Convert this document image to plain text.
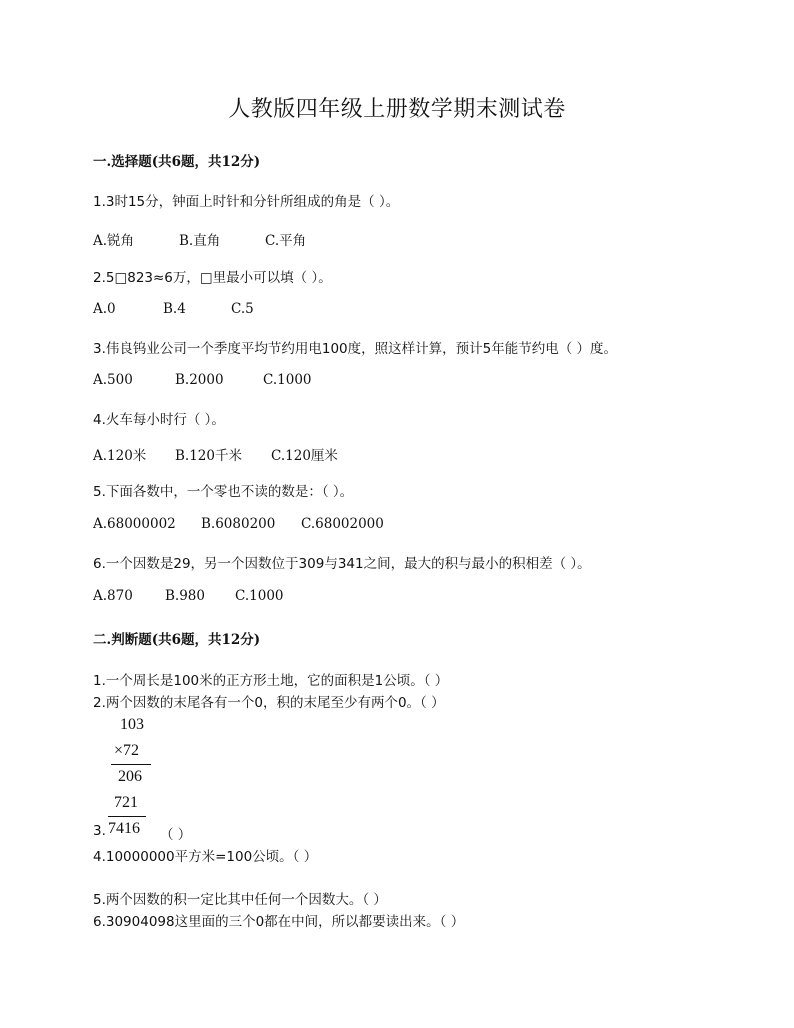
人教版四年级上册数学期末测试卷
一.选择题(共6题，共12分)
1.3时15分，钟面上时针和分针所组成的角是（ ）。
A.锐角	B.直角	C.平角
2.5□823≈6万，□里最小可以填（ ）。
A.0	B.4	C.5
3.伟良钨业公司一个季度平均节约用电100度，照这样计算，预计5年能节约电（ ）度。
A.500	B.2000	C.1000
4.火车每小时行（ ）。
A.120米 B.120千米 C.120厘米
5.下面各数中，一个零也不读的数是：（ ）。
A.68000002 B.6080200 C.68002000
6.一个因数是29，另一个因数位于309与341之间，最大的积与最小的积相差（ ）。
A.870 B.980 C.1000
二.判断题(共6题，共12分)
1.一个周长是100米的正方形土地，它的面积是1公顷。（ ）
2.两个因数的末尾各有一个0，积的末尾至少有两个0。（ ）
103
×72
206
721
7416
3.	（ ）
4.10000000平方米=100公顷。（ ）
5.两个因数的积一定比其中任何一个因数大。（ ）
6.30904098这里面的三个0都在中间，所以都要读出来。（ ）
